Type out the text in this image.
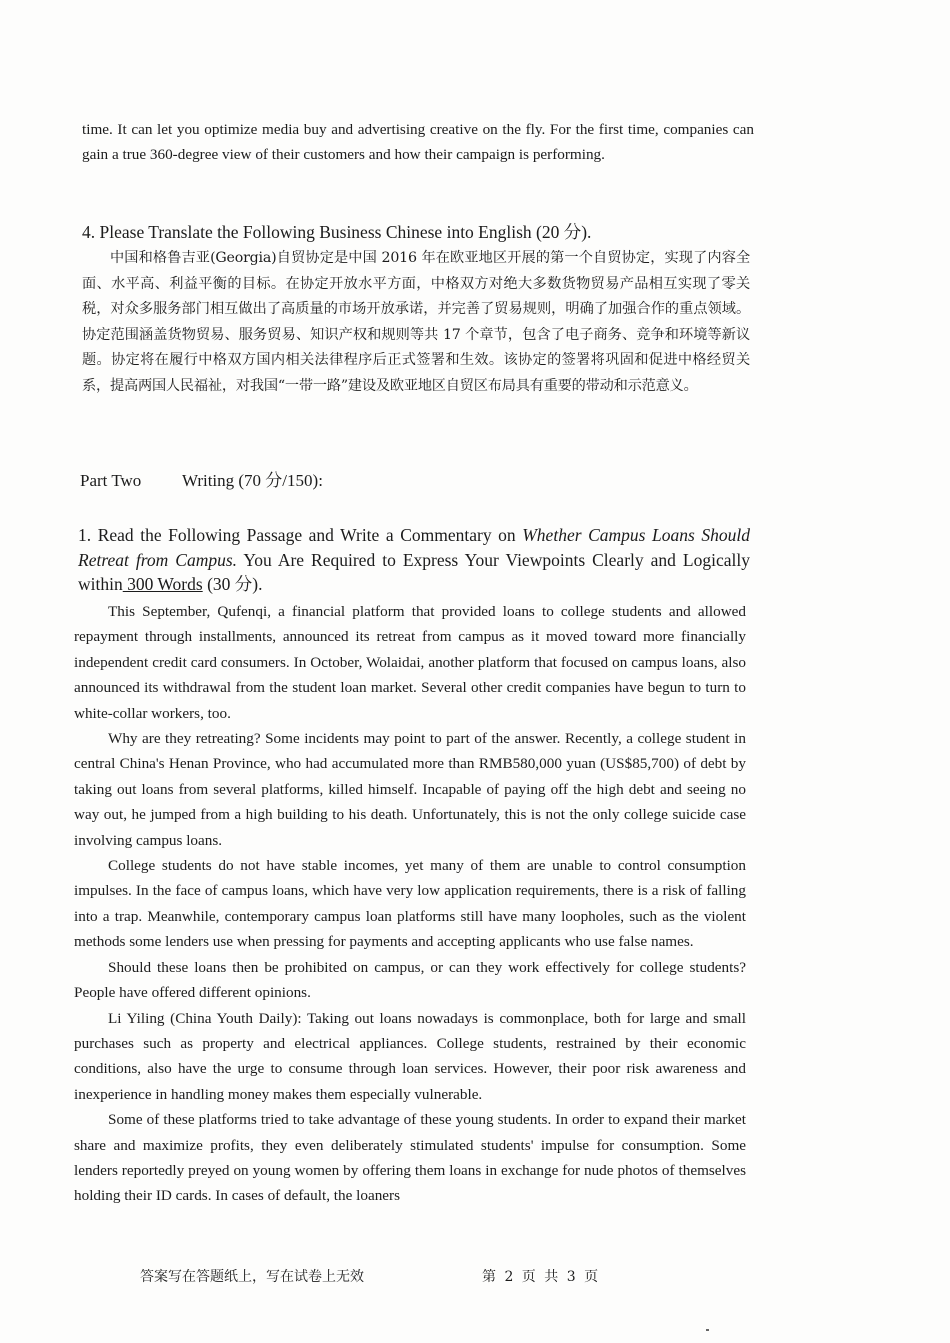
time. It can let you optimize media buy and advertising creative on the fly. For the first time, companies can gain a true 360-degree view of their customers and how their campaign is performing.
4. Please Translate the Following Business Chinese into English (20 分).
中国和格鲁吉亚(Georgia)自贸协定是中国 2016 年在欧亚地区开展的第一个自贸协定，实现了内容全面、水平高、利益平衡的目标。在协定开放水平方面，中格双方对绝大多数货物贸易产品相互实现了零关税，对众多服务部门相互做出了高质量的市场开放承诺，并完善了贸易规则，明确了加强合作的重点领域。协定范围涵盖货物贸易、服务贸易、知识产权和规则等共 17 个章节，包含了电子商务、竞争和环境等新议题。协定将在履行中格双方国内相关法律程序后正式签署和生效。该协定的签署将巩固和促进中格经贸关系，提高两国人民福祉，对我国“一带一路”建设及欧亚地区自贸区布局具有重要的带动和示范意义。
Part Two Writing (70 分/150):
1. Read the Following Passage and Write a Commentary on Whether Campus Loans Should Retreat from Campus. You Are Required to Express Your Viewpoints Clearly and Logically within 300 Words (30 分).

This September, Qufenqi, a financial platform that provided loans to college students and allowed repayment through installments, announced its retreat from campus as it moved toward more financially independent credit card consumers. In October, Wolaidai, another platform that focused on campus loans, also announced its withdrawal from the student loan market. Several other credit companies have begun to turn to white-collar workers, too.

Why are they retreating? Some incidents may point to part of the answer. Recently, a college student in central China's Henan Province, who had accumulated more than RMB580,000 yuan (US$85,700) of debt by taking out loans from several platforms, killed himself. Incapable of paying off the high debt and seeing no way out, he jumped from a high building to his death. Unfortunately, this is not the only college suicide case involving campus loans.

College students do not have stable incomes, yet many of them are unable to control consumption impulses. In the face of campus loans, which have very low application requirements, there is a risk of falling into a trap. Meanwhile, contemporary campus loan platforms still have many loopholes, such as the violent methods some lenders use when pressing for payments and accepting applicants who use false names.

Should these loans then be prohibited on campus, or can they work effectively for college students? People have offered different opinions.

Li Yiling (China Youth Daily): Taking out loans nowadays is commonplace, both for large and small purchases such as property and electrical appliances. College students, restrained by their economic conditions, also have the urge to consume through loan services. However, their poor risk awareness and inexperience in handling money makes them especially vulnerable.

Some of these platforms tried to take advantage of these young students. In order to expand their market share and maximize profits, they even deliberately stimulated students' impulse for consumption. Some lenders reportedly preyed on young women by offering them loans in exchange for nude photos of themselves holding their ID cards. In cases of default, the loaners

答案写在答题纸上，写在试卷上无效	第 2 页 共 3 页
